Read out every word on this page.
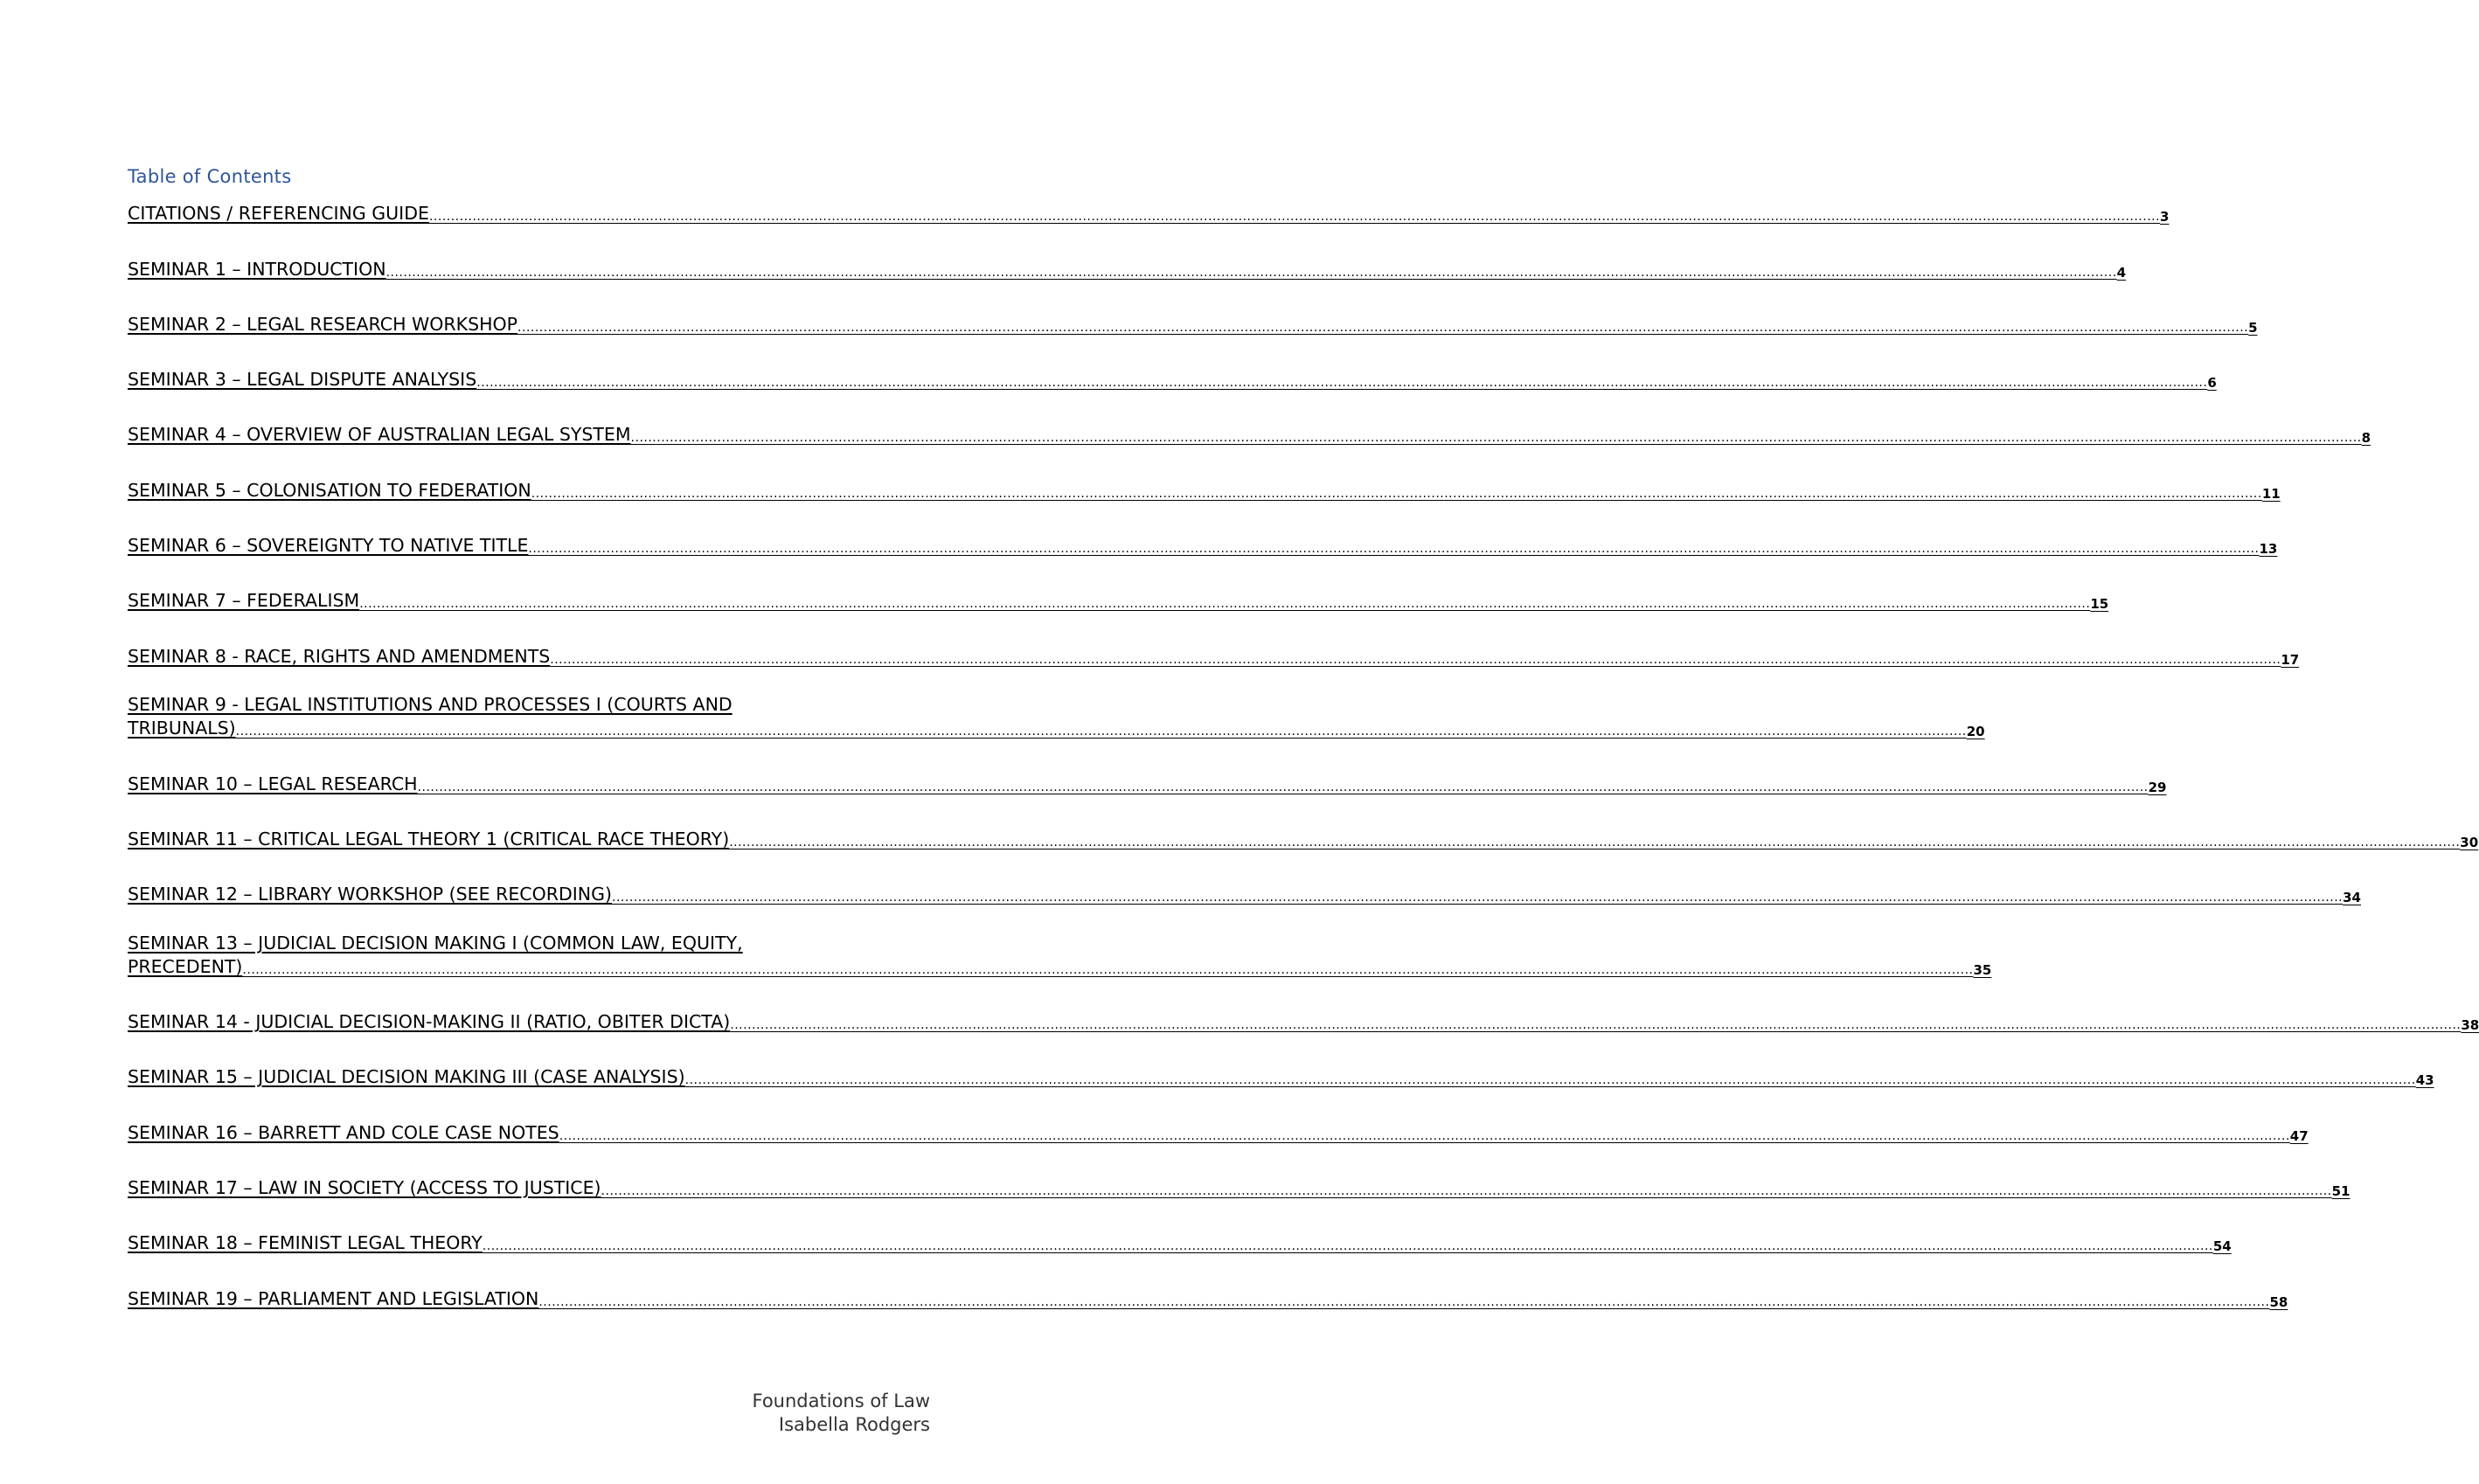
Table of Contents
CITATIONS / REFERENCING GUIDE ................................................................................................................................................................................................................................................................................................................................................................................................................ 3
SEMINAR 1 – INTRODUCTION ................................................................................................................................................................................................................................................................................................................................................................................................................ 4
SEMINAR 2 – LEGAL RESEARCH WORKSHOP ................................................................................................................................................................................................................................................................................................................................................................................................................ 5
SEMINAR 3 – LEGAL DISPUTE ANALYSIS ................................................................................................................................................................................................................................................................................................................................................................................................................ 6
SEMINAR 4 – OVERVIEW OF AUSTRALIAN LEGAL SYSTEM ................................................................................................................................................................................................................................................................................................................................................................................................................ 8
SEMINAR 5 – COLONISATION TO FEDERATION ................................................................................................................................................................................................................................................................................................................................................................................................................ 11
SEMINAR 6 – SOVEREIGNTY TO NATIVE TITLE ................................................................................................................................................................................................................................................................................................................................................................................................................ 13
SEMINAR 7 – FEDERALISM ................................................................................................................................................................................................................................................................................................................................................................................................................ 15
SEMINAR 8 - RACE, RIGHTS AND AMENDMENTS ................................................................................................................................................................................................................................................................................................................................................................................................................ 17
SEMINAR 9 - LEGAL INSTITUTIONS AND PROCESSES I (COURTS AND
TRIBUNALS) ................................................................................................................................................................................................................................................................................................................................................................................................................ 20
SEMINAR 10 – LEGAL RESEARCH ................................................................................................................................................................................................................................................................................................................................................................................................................ 29
SEMINAR 11 – CRITICAL LEGAL THEORY 1 (CRITICAL RACE THEORY) ................................................................................................................................................................................................................................................................................................................................................................................................................ 30
SEMINAR 12 – LIBRARY WORKSHOP (SEE RECORDING) ................................................................................................................................................................................................................................................................................................................................................................................................................ 34
SEMINAR 13 – JUDICIAL DECISION MAKING I (COMMON LAW, EQUITY,
PRECEDENT) ................................................................................................................................................................................................................................................................................................................................................................................................................ 35
SEMINAR 14 - JUDICIAL DECISION-MAKING II (RATIO, OBITER DICTA) ................................................................................................................................................................................................................................................................................................................................................................................................................ 38
SEMINAR 15 – JUDICIAL DECISION MAKING III (CASE ANALYSIS) ................................................................................................................................................................................................................................................................................................................................................................................................................ 43
SEMINAR 16 – BARRETT AND COLE CASE NOTES ................................................................................................................................................................................................................................................................................................................................................................................................................ 47
SEMINAR 17 – LAW IN SOCIETY (ACCESS TO JUSTICE) ................................................................................................................................................................................................................................................................................................................................................................................................................ 51
SEMINAR 18 – FEMINIST LEGAL THEORY ................................................................................................................................................................................................................................................................................................................................................................................................................ 54
SEMINAR 19 – PARLIAMENT AND LEGISLATION ................................................................................................................................................................................................................................................................................................................................................................................................................ 58
Foundations of Law
Isabella Rodgers
